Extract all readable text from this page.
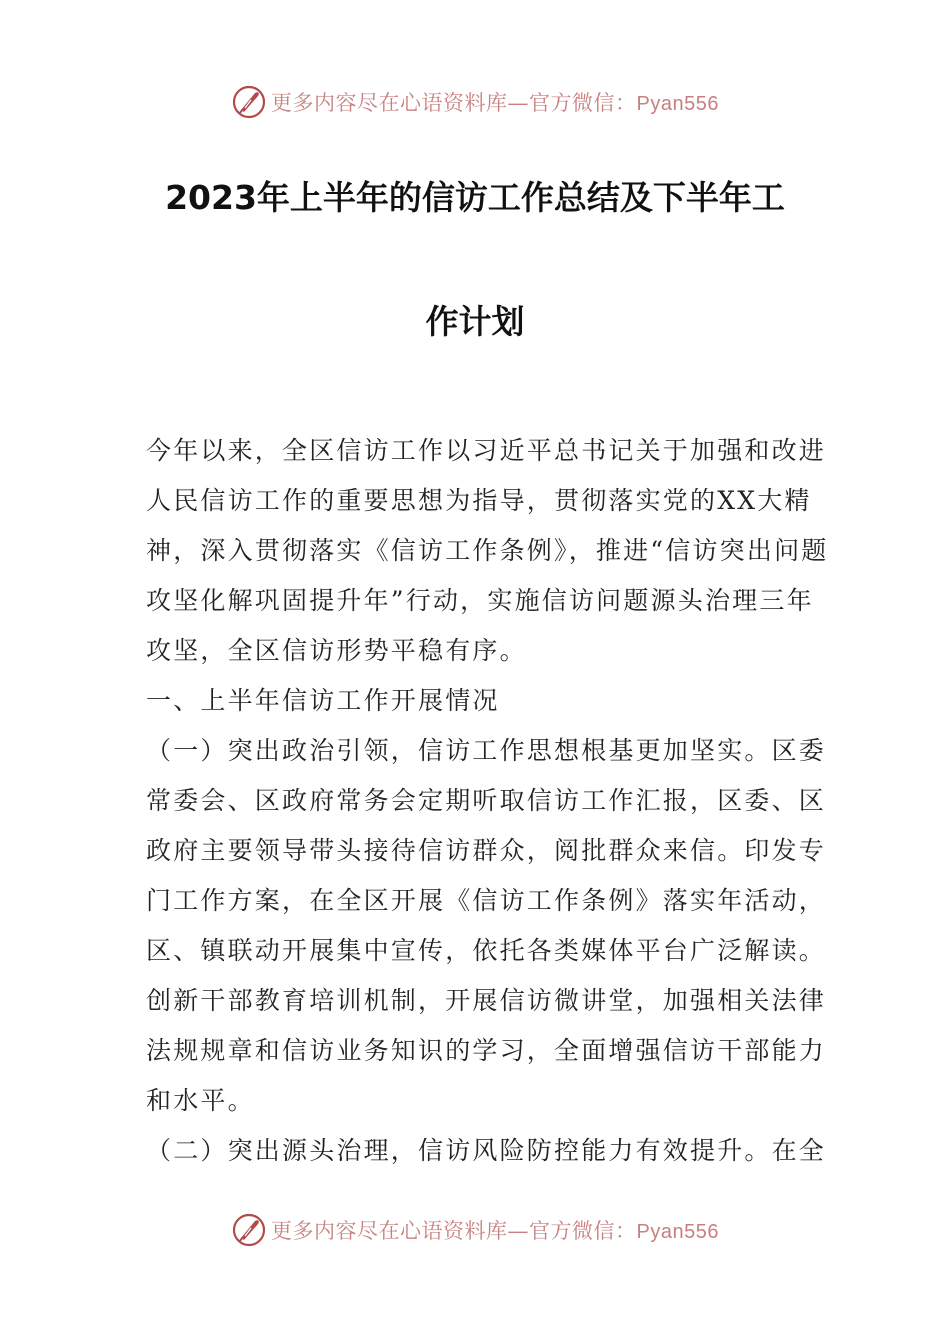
更多内容尽在心语资料库—官方微信：Pyan556
2023年上半年的信访工作总结及下半年工
作计划

今年以来，全区信访工作以习近平总书记关于加强和改进人民信访工作的重要思想为指导，贯彻落实党的XX大精神，深入贯彻落实《信访工作条例》，推进“信访突出问题攻坚化解巩固提升年”行动，实施信访问题源头治理三年攻坚，全区信访形势平稳有序。

一、上半年信访工作开展情况

（一）突出政治引领，信访工作思想根基更加坚实。区委常委会、区政府常务会定期听取信访工作汇报，区委、区政府主要领导带头接待信访群众，阅批群众来信。印发专门工作方案，在全区开展《信访工作条例》落实年活动，区、镇联动开展集中宣传，依托各类媒体平台广泛解读。创新干部教育培训机制，开展信访微讲堂，加强相关法律法规规章和信访业务知识的学习，全面增强信访干部能力和水平。

（二）突出源头治理，信访风险防控能力有效提升。在全

更多内容尽在心语资料库—官方微信：Pyan556
